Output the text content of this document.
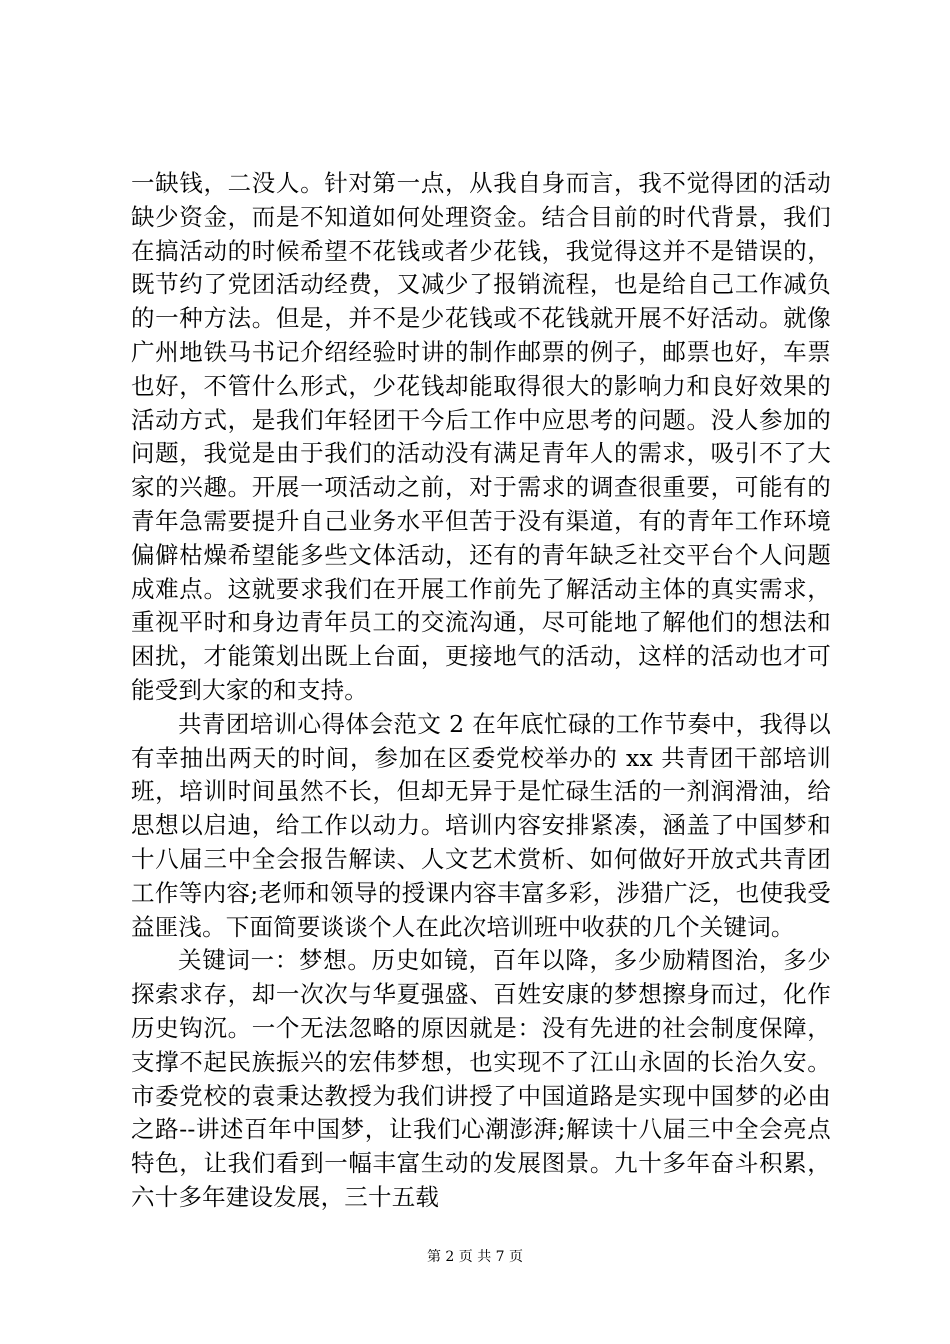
一缺钱，二没人。针对第一点，从我自身而言，我不觉得团的活动缺少资金，而是不知道如何处理资金。结合目前的时代背景，我们在搞活动的时候希望不花钱或者少花钱，我觉得这并不是错误的，既节约了党团活动经费，又减少了报销流程，也是给自己工作减负的一种方法。但是，并不是少花钱或不花钱就开展不好活动。就像广州地铁马书记介绍经验时讲的制作邮票的例子，邮票也好，车票也好，不管什么形式，少花钱却能取得很大的影响力和良好效果的活动方式，是我们年轻团干今后工作中应思考的问题。没人参加的问题，我觉是由于我们的活动没有满足青年人的需求，吸引不了大家的兴趣。开展一项活动之前，对于需求的调查很重要，可能有的青年急需要提升自己业务水平但苦于没有渠道，有的青年工作环境偏僻枯燥希望能多些文体活动，还有的青年缺乏社交平台个人问题成难点。这就要求我们在开展工作前先了解活动主体的真实需求，重视平时和身边青年员工的交流沟通，尽可能地了解他们的想法和困扰，才能策划出既上台面，更接地气的活动，这样的活动也才可能受到大家的和支持。

共青团培训心得体会范文 2 在年底忙碌的工作节奏中，我得以有幸抽出两天的时间，参加在区委党校举办的 xx 共青团干部培训班，培训时间虽然不长，但却无异于是忙碌生活的一剂润滑油，给思想以启迪，给工作以动力。培训内容安排紧凑，涵盖了中国梦和十八届三中全会报告解读、人文艺术赏析、如何做好开放式共青团工作等内容;老师和领导的授课内容丰富多彩，涉猎广泛，也使我受益匪浅。下面简要谈谈个人在此次培训班中收获的几个关键词。

关键词一：梦想。历史如镜，百年以降，多少励精图治，多少探索求存，却一次次与华夏强盛、百姓安康的梦想擦身而过，化作历史钩沉。一个无法忽略的原因就是：没有先进的社会制度保障，支撑不起民族振兴的宏伟梦想，也实现不了江山永固的长治久安。市委党校的袁秉达教授为我们讲授了中国道路是实现中国梦的必由之路--讲述百年中国梦，让我们心潮澎湃;解读十八届三中全会亮点特色，让我们看到一幅丰富生动的发展图景。九十多年奋斗积累，六十多年建设发展，三十五载

第 2 页 共 7 页
